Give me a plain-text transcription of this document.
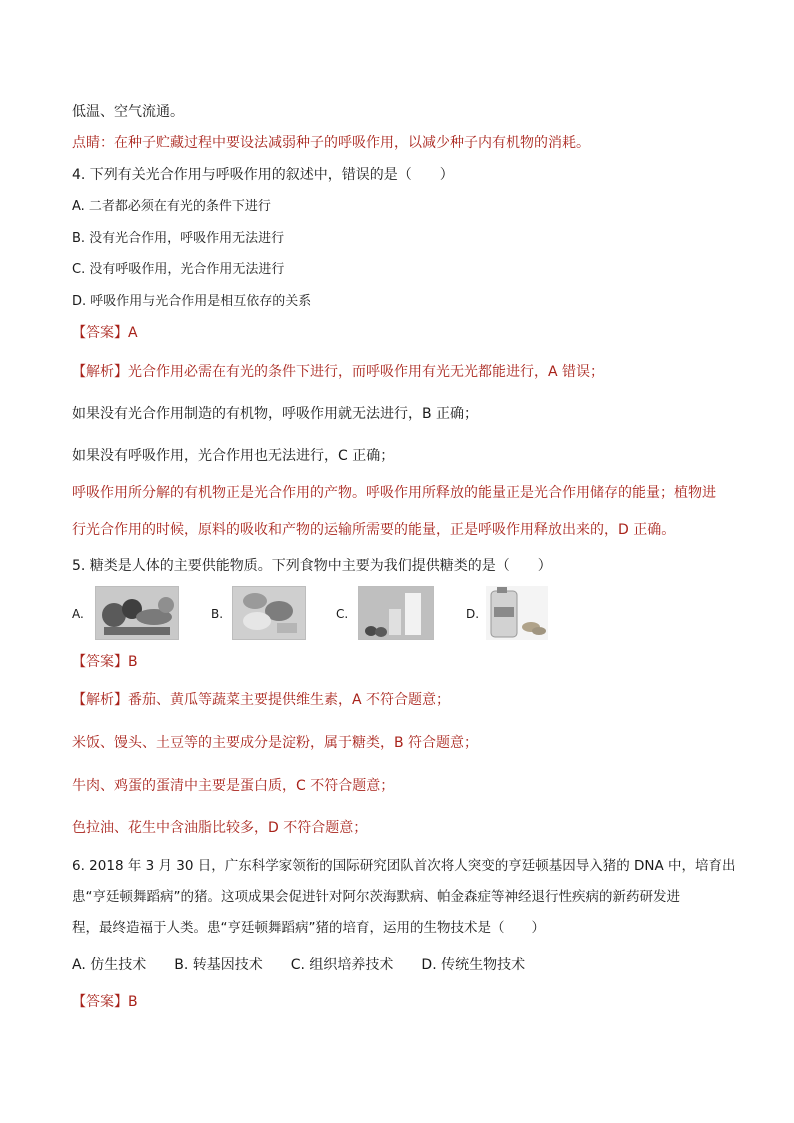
低温、空气流通。
点睛：在种子贮藏过程中要设法减弱种子的呼吸作用，以减少种子内有机物的消耗。
4. 下列有关光合作用与呼吸作用的叙述中，错误的是（　　）
A. 二者都必须在有光的条件下进行
B. 没有光合作用，呼吸作用无法进行
C. 没有呼吸作用，光合作用无法进行
D. 呼吸作用与光合作用是相互依存的关系
【答案】A
【解析】光合作用必需在有光的条件下进行，而呼吸作用有光无光都能进行，A 错误；
如果没有光合作用制造的有机物，呼吸作用就无法进行，B 正确；
如果没有呼吸作用，光合作用也无法进行，C 正确；
呼吸作用所分解的有机物正是光合作用的产物。呼吸作用所释放的能量正是光合作用储存的能量；植物进
行光合作用的时候，原料的吸收和产物的运输所需要的能量，正是呼吸作用释放出来的，D 正确。
5. 糖类是人体的主要供能物质。下列食物中主要为我们提供糖类的是（　　）
A.	B.	C.	D.
【答案】B
【解析】番茄、黄瓜等蔬菜主要提供维生素，A 不符合题意；
米饭、馒头、土豆等的主要成分是淀粉，属于糖类，B 符合题意；
牛肉、鸡蛋的蛋清中主要是蛋白质，C 不符合题意；
色拉油、花生中含油脂比较多，D 不符合题意；
6. 2018 年 3 月 30 日，广东科学家领衔的国际研究团队首次将人突变的亨廷顿基因导入猪的 DNA 中，培育出
患“亨廷顿舞蹈病”的猪。这项成果会促进针对阿尔茨海默病、帕金森症等神经退行性疾病的新药研发进
程，最终造福于人类。患“亨廷顿舞蹈病”猪的培育，运用的生物技术是（　　）
A. 仿生技术　　B. 转基因技术　　C. 组织培养技术　　D. 传统生物技术
【答案】B
